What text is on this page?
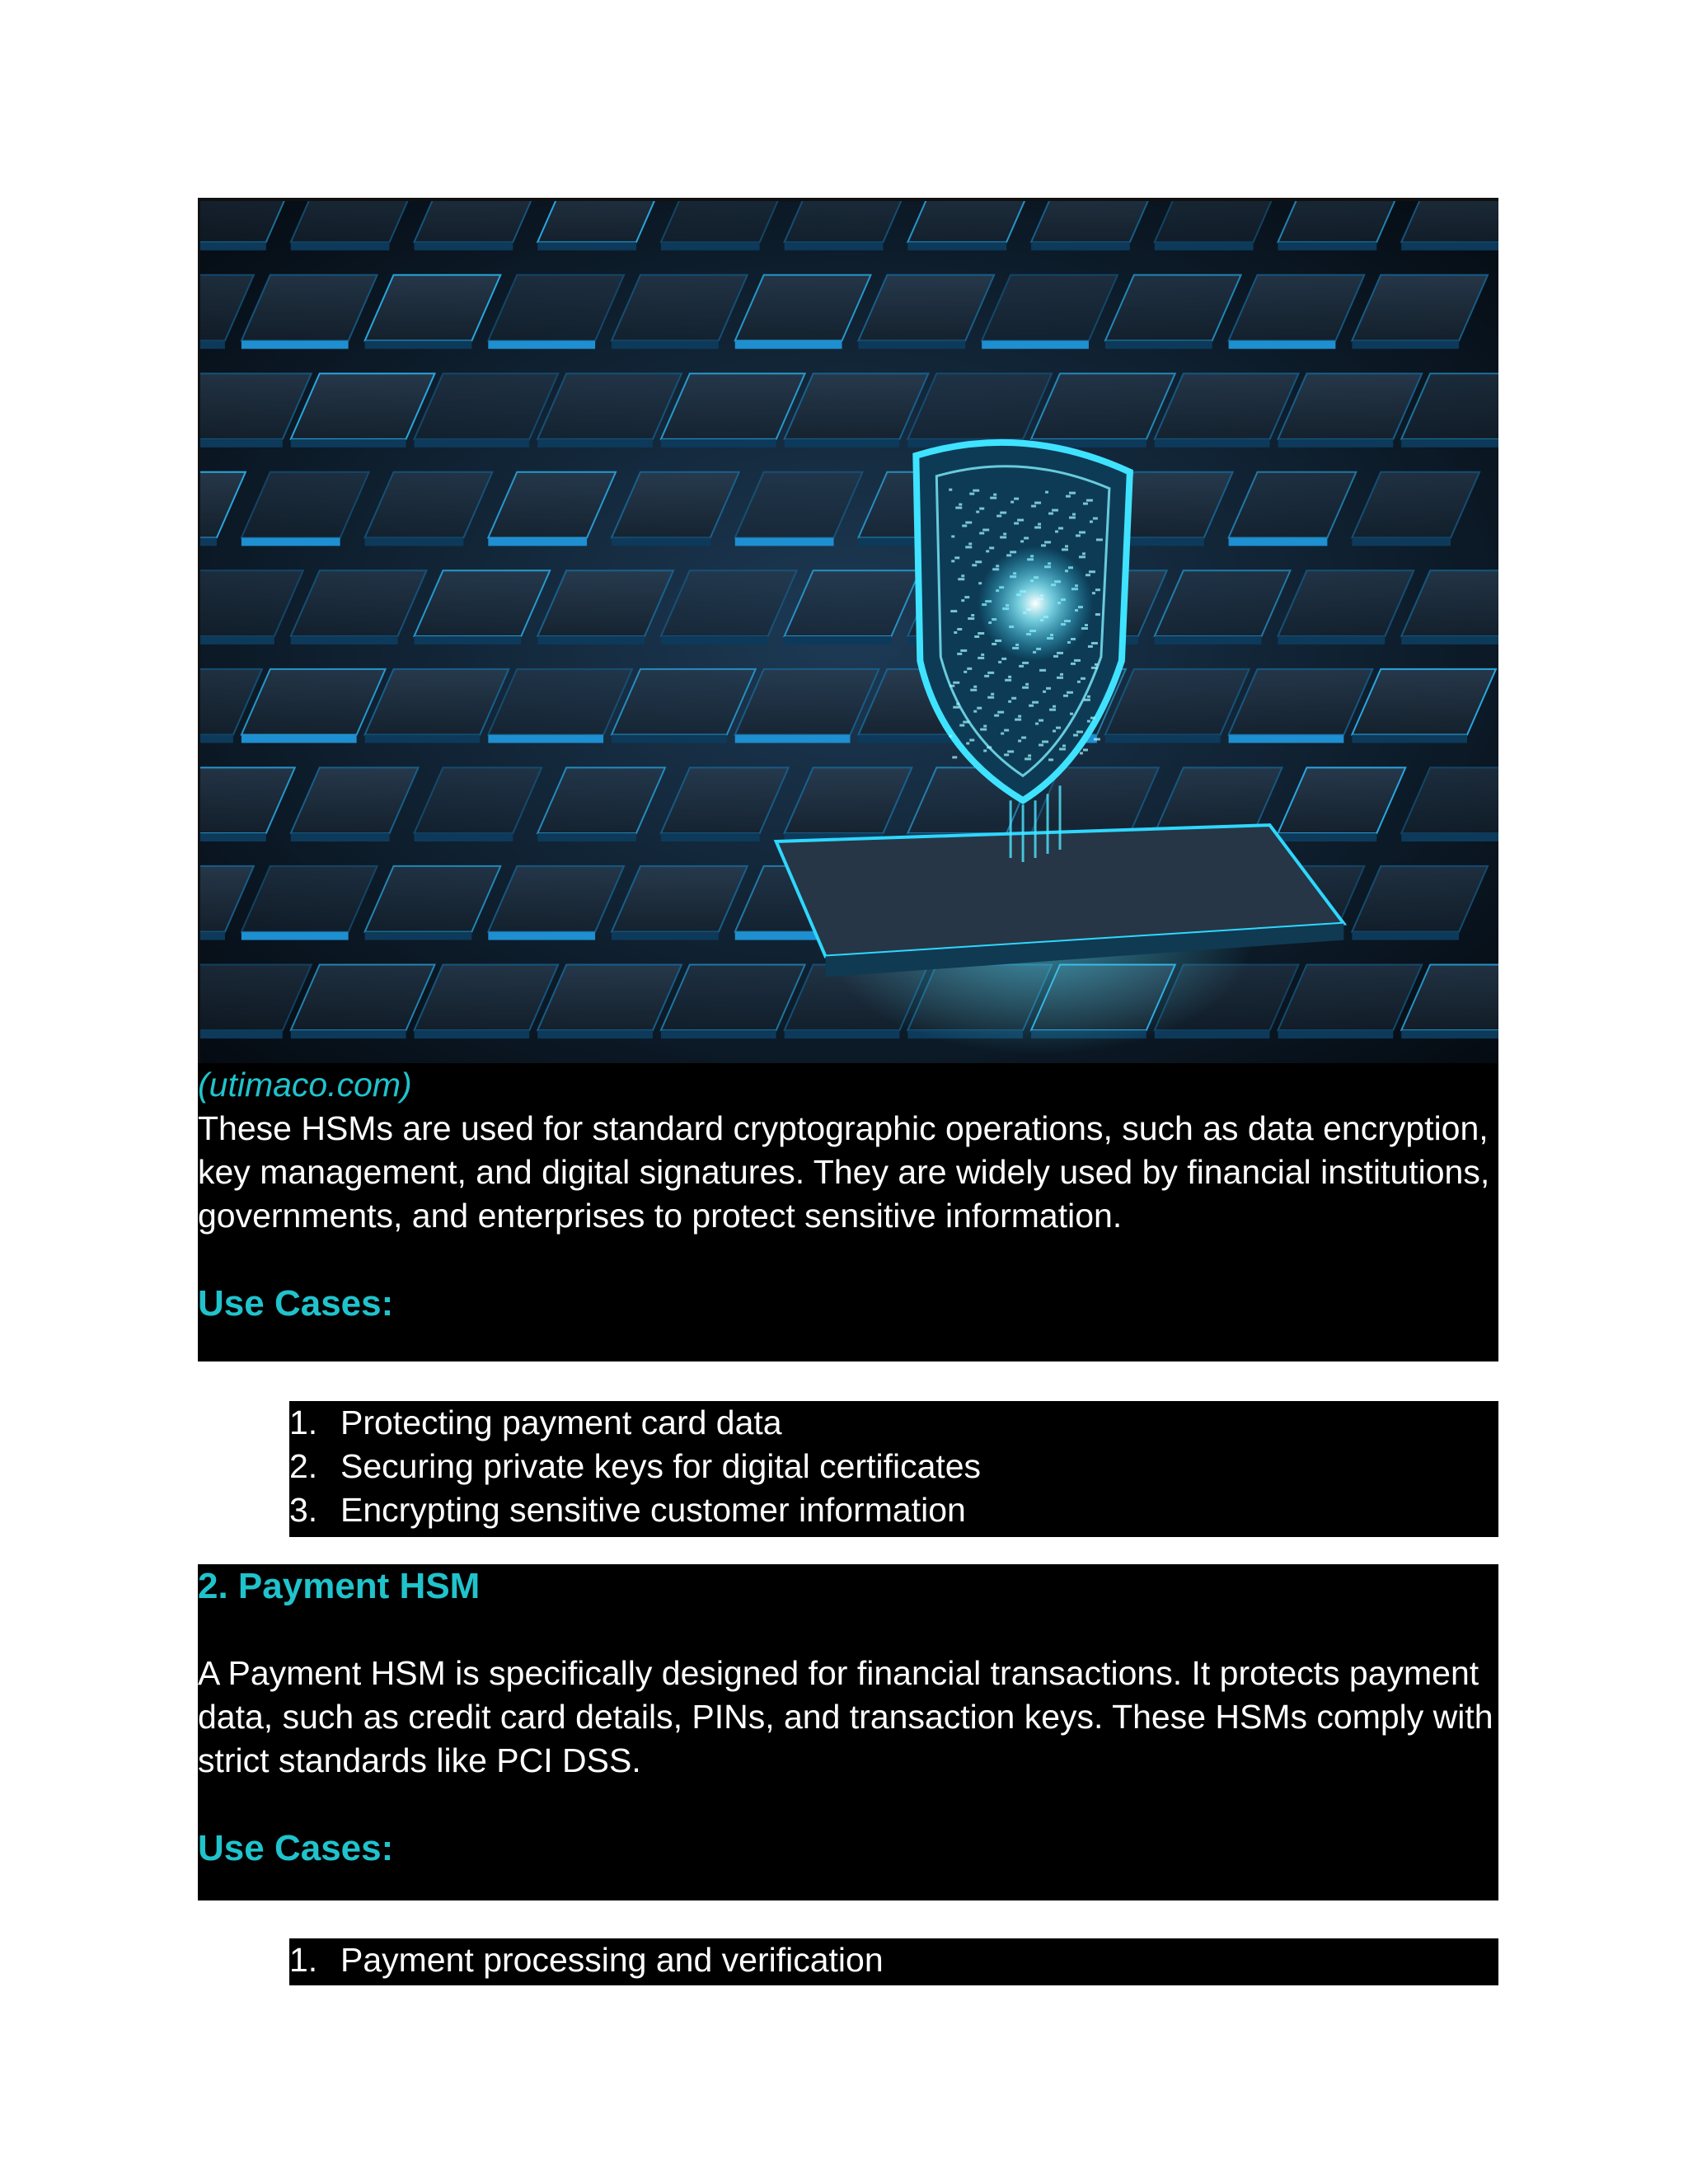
(utimaco.com)
These HSMs are used for standard cryptographic operations, such as data encryption,
key management, and digital signatures. They are widely used by financial institutions,
governments, and enterprises to protect sensitive information.
Use Cases:
1. Protecting payment card data
2. Securing private keys for digital certificates
3. Encrypting sensitive customer information
2. Payment HSM
A Payment HSM is specifically designed for financial transactions. It protects payment
data, such as credit card details, PINs, and transaction keys. These HSMs comply with
strict standards like PCI DSS.
Use Cases:
1. Payment processing and verification
